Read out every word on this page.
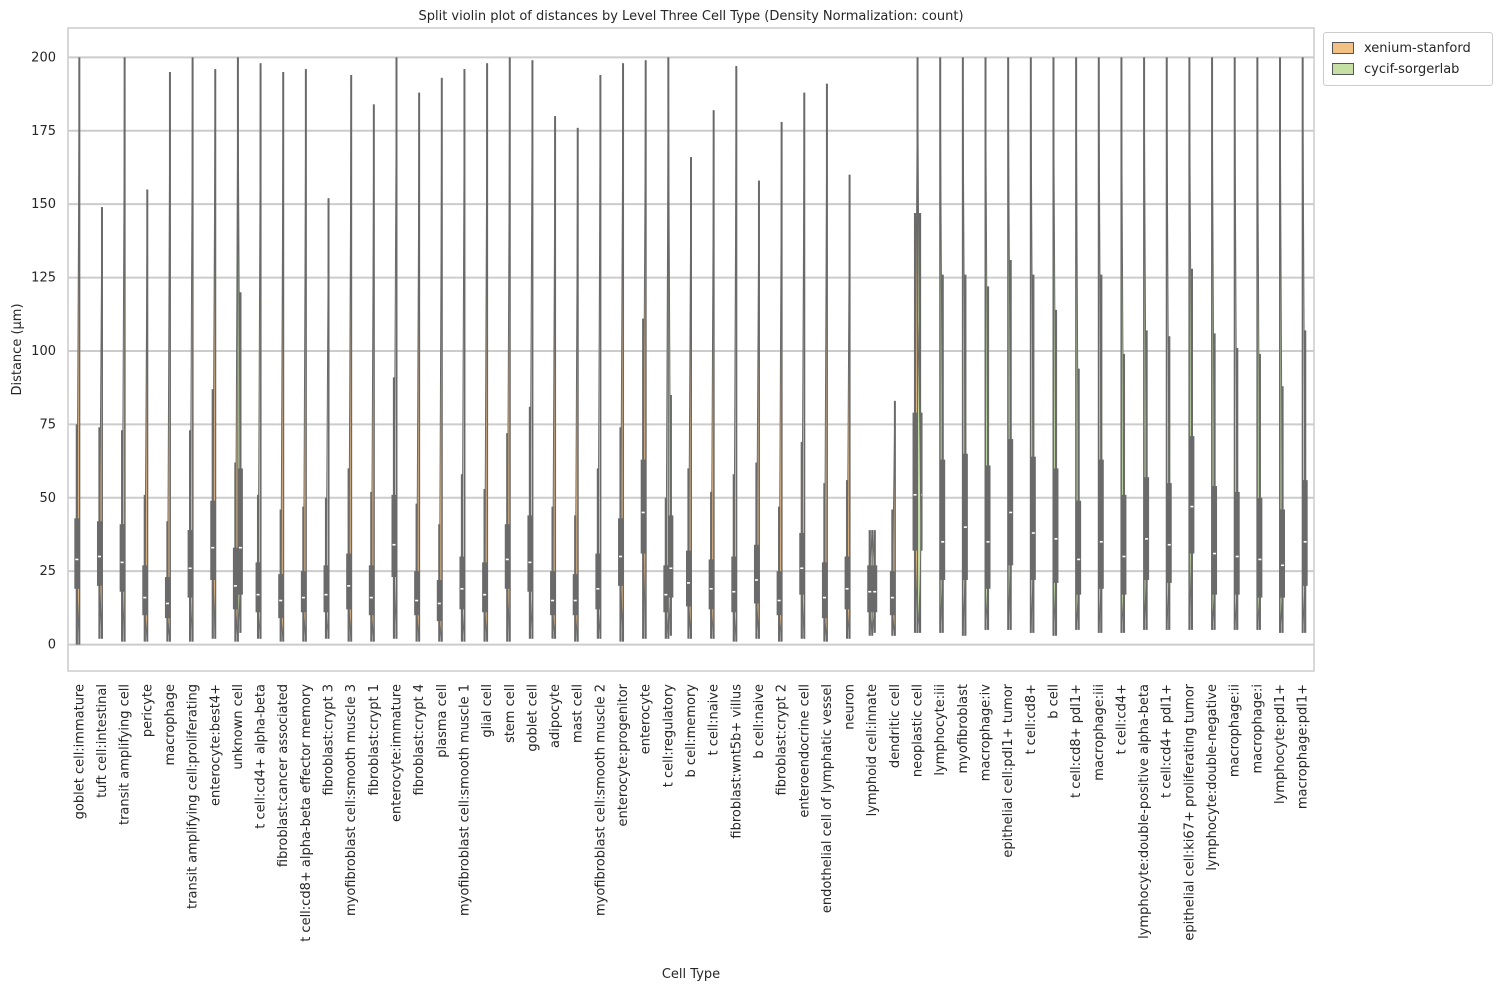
0
25
50
75
100
125
150
175
200
Split violin plot of distances by Level Three Cell Type (Density Normalization: count)
Distance (µm)
Cell Type
goblet cell:immature tuft cell:intestinal transit amplifying cell pericyte macrophage transit amplifying cell:proliferating enterocyte:best4+ unknown cell t cell:cd4+ alpha-beta fibroblast:cancer associated t cell:cd8+ alpha-beta effector memory fibroblast:crypt 3 myofibroblast cell:smooth muscle 3 fibroblast:crypt 1 enterocyte:immature fibroblast:crypt 4 plasma cell myofibroblast cell:smooth muscle 1 glial cell stem cell goblet cell adipocyte mast cell myofibroblast cell:smooth muscle 2 enterocyte:progenitor enterocyte t cell:regulatory b cell:memory t cell:naive fibroblast:wnt5b+ villus b cell:naive fibroblast:crypt 2 enteroendocrine cell endothelial cell of lymphatic vessel neuron lymphoid cell:innate dendritic cell neoplastic cell lymphocyte:iii myofibroblast macrophage:iv epithelial cell:pdl1+ tumor t cell:cd8+ b cell t cell:cd8+ pdl1+ macrophage:iii t cell:cd4+ lymphocyte:double-positive alpha-beta t cell:cd4+ pdl1+ epithelial cell:ki67+ proliferating tumor lymphocyte:double-negative macrophage:ii macrophage:i lymphocyte:pdl1+ macrophage:pdl1+
xenium-stanford
cycif-sorgerlab
